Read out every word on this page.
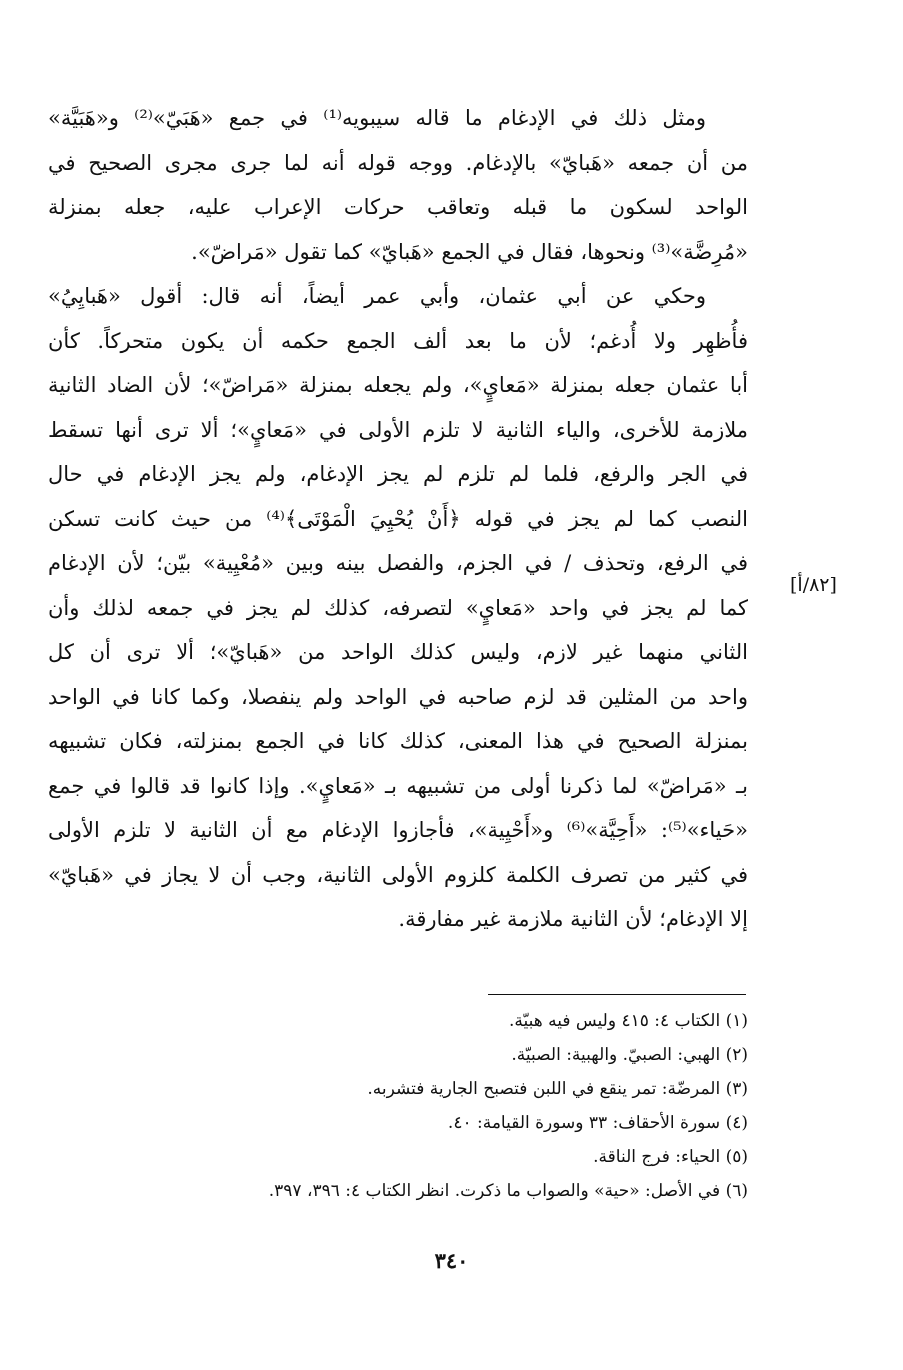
ومثل ذلك في الإدغام ما قاله سيبويه⁽¹⁾ في جمع «هَبَيّ»⁽²⁾ و«هَبَيَّة»
من أن جمعه «هَبايّ» بالإدغام. ووجه قوله أنه لما جرى مجرى الصحيح في
الواحد لسكون ما قبله وتعاقب حركات الإعراب عليه، جعله بمنزلة
«مُرِضَّة»⁽³⁾ ونحوها، فقال في الجمع «هَبايّ» كما تقول «مَراضّ».
وحكي عن أبي عثمان، وأبي عمر أيضاً، أنه قال: أقول «هَبايِيُ»
فأُظهِر ولا أُدغم؛ لأن ما بعد ألف الجمع حكمه أن يكون متحركاً. كأن
أبا عثمان جعله بمنزلة «مَعايٍ»، ولم يجعله بمنزلة «مَراضّ»؛ لأن الضاد الثانية
ملازمة للأخرى، والياء الثانية لا تلزم الأولى في «مَعايٍ»؛ ألا ترى أنها تسقط
في الجر والرفع، فلما لم تلزم لم يجز الإدغام، ولم يجز الإدغام في حال
النصب كما لم يجز في قوله ﴿أَنْ يُحْيِيَ الْمَوْتَى﴾⁽⁴⁾ من حيث كانت تسكن
في الرفع، وتحذف / في الجزم، والفصل بينه وبين «مُعْيِية» بيّن؛ لأن الإدغام
كما لم يجز في واحد «مَعايٍ» لتصرفه، كذلك لم يجز في جمعه لذلك وأن
الثاني منهما غير لازم، وليس كذلك الواحد من «هَبايّ»؛ ألا ترى أن كل
واحد من المثلين قد لزم صاحبه في الواحد ولم ينفصلا، وكما كانا في الواحد
بمنزلة الصحيح في هذا المعنى، كذلك كانا في الجمع بمنزلته، فكان تشبيهه
بـ «مَراضّ» لما ذكرنا أولى من تشبيهه بـ «مَعايٍ». وإذا كانوا قد قالوا في جمع
«حَياء»⁽⁵⁾: «أَحِيَّة»⁽⁶⁾ و«أَحْيِية»، فأجازوا الإدغام مع أن الثانية لا تلزم الأولى
في كثير من تصرف الكلمة كلزوم الأولى الثانية، وجب أن لا يجاز في «هَبايّ»
إلا الإدغام؛ لأن الثانية ملازمة غير مفارقة.
[٨٢/أ]
(١) الكتاب ٤: ٤١٥ وليس فيه هبيّة.
(٢) الهبي: الصبيّ. والهبية: الصبيّة.
(٣) المرضّة: تمر ينقع في اللبن فتصبح الجارية فتشربه.
(٤) سورة الأحقاف: ٣٣ وسورة القيامة: ٤٠.
(٥) الحياء: فرج الناقة.
(٦) في الأصل: «حية» والصواب ما ذكرت. انظر الكتاب ٤: ٣٩٦، ٣٩٧.
٣٤٠
